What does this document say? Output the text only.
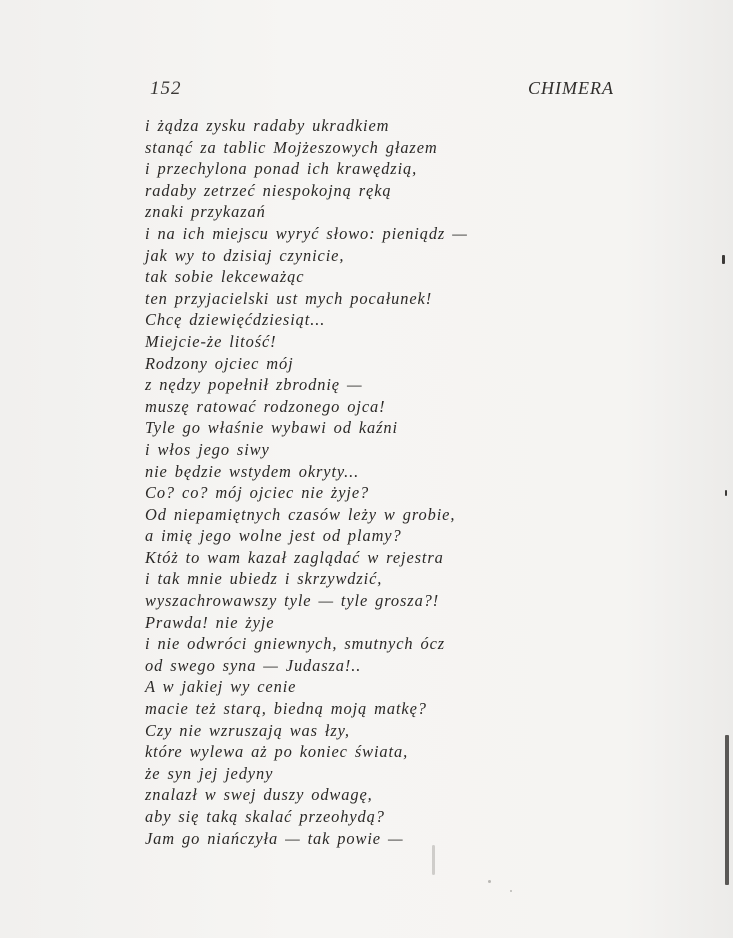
152	CHIMERA
i żądza zysku radaby ukradkiem
stanąć za tablic Mojżeszowych głazem
i przechylona ponad ich krawędzią,
radaby zetrzeć niespokojną ręką
znaki przykazań
i na ich miejscu wyryć słowo: pieniądz —
jak wy to dzisiaj czynicie,
tak sobie lekceważąc
ten przyjacielski ust mych pocałunek!
Chcę dziewięćdziesiąt...
Miejcie-że litość!
Rodzony ojciec mój
z nędzy popełnił zbrodnię —
muszę ratować rodzonego ojca!
Tyle go właśnie wybawi od kaźni
i włos jego siwy
nie będzie wstydem okryty...
Co? co? mój ojciec nie żyje?
Od niepamiętnych czasów leży w grobie,
a imię jego wolne jest od plamy?
Któż to wam kazał zaglądać w rejestra
i tak mnie ubiedz i skrzywdzić,
wyszachrowawszy tyle — tyle grosza?!
Prawda! nie żyje
i nie odwróci gniewnych, smutnych ócz
od swego syna — Judasza!..
A w jakiej wy cenie
macie też starą, biedną moją matkę?
Czy nie wzruszają was łzy,
które wylewa aż po koniec świata,
że syn jej jedyny
znalazł w swej duszy odwagę,
aby się taką skalać przeohydą?
Jam go niańczyła — tak powie —
